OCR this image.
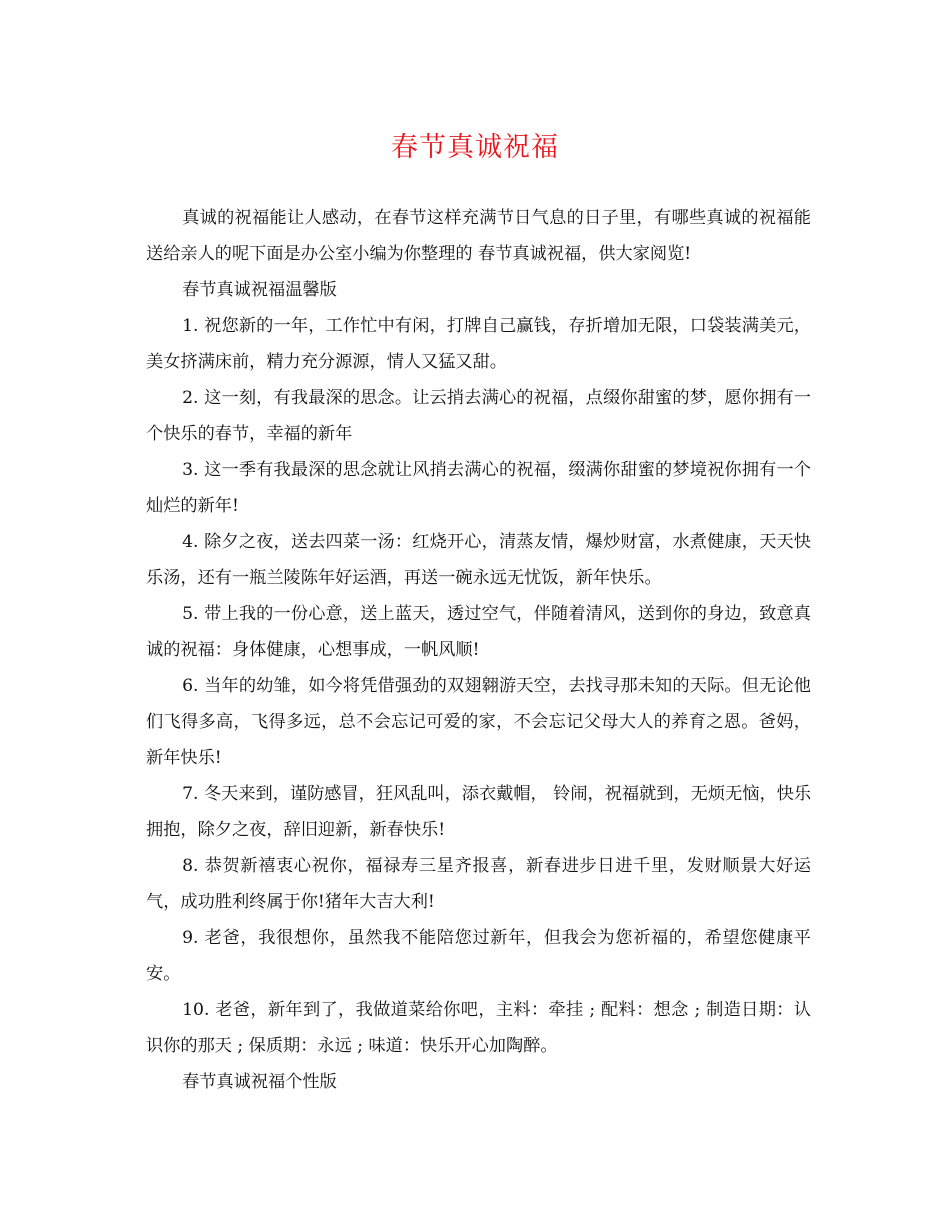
春节真诚祝福

真诚的祝福能让人感动，在春节这样充满节日气息的日子里，有哪些真诚的祝福能送给亲人的呢下面是办公室小编为你整理的 春节真诚祝福，供大家阅览!

春节真诚祝福温馨版

1. 祝您新的一年，工作忙中有闲，打牌自己赢钱，存折增加无限，口袋装满美元，美女挤满床前，精力充分源源，情人又猛又甜。

2. 这一刻，有我最深的思念。让云捎去满心的祝福，点缀你甜蜜的梦，愿你拥有一个快乐的春节，幸福的新年

3. 这一季有我最深的思念就让风捎去满心的祝福，缀满你甜蜜的梦境祝你拥有一个灿烂的新年!

4. 除夕之夜，送去四菜一汤：红烧开心，清蒸友情，爆炒财富，水煮健康，天天快乐汤，还有一瓶兰陵陈年好运酒，再送一碗永远无忧饭，新年快乐。

5. 带上我的一份心意，送上蓝天，透过空气，伴随着清风，送到你的身边，致意真诚的祝福：身体健康，心想事成，一帆风顺!

6. 当年的幼雏，如今将凭借强劲的双翅翱游天空，去找寻那未知的天际。但无论他们飞得多高，飞得多远，总不会忘记可爱的家，不会忘记父母大人的养育之恩。爸妈，新年快乐!

7. 冬天来到，谨防感冒，狂风乱叫，添衣戴帽， 铃闹，祝福就到，无烦无恼，快乐拥抱，除夕之夜，辞旧迎新，新春快乐!

8. 恭贺新禧衷心祝你，福禄寿三星齐报喜，新春进步日进千里，发财顺景大好运气，成功胜利终属于你!猪年大吉大利!

9. 老爸，我很想你，虽然我不能陪您过新年，但我会为您祈福的，希望您健康平安。

10. 老爸，新年到了，我做道菜给你吧，主料：牵挂 ; 配料：想念 ; 制造日期：认识你的那天 ; 保质期：永远 ; 味道：快乐开心加陶醉。

春节真诚祝福个性版
